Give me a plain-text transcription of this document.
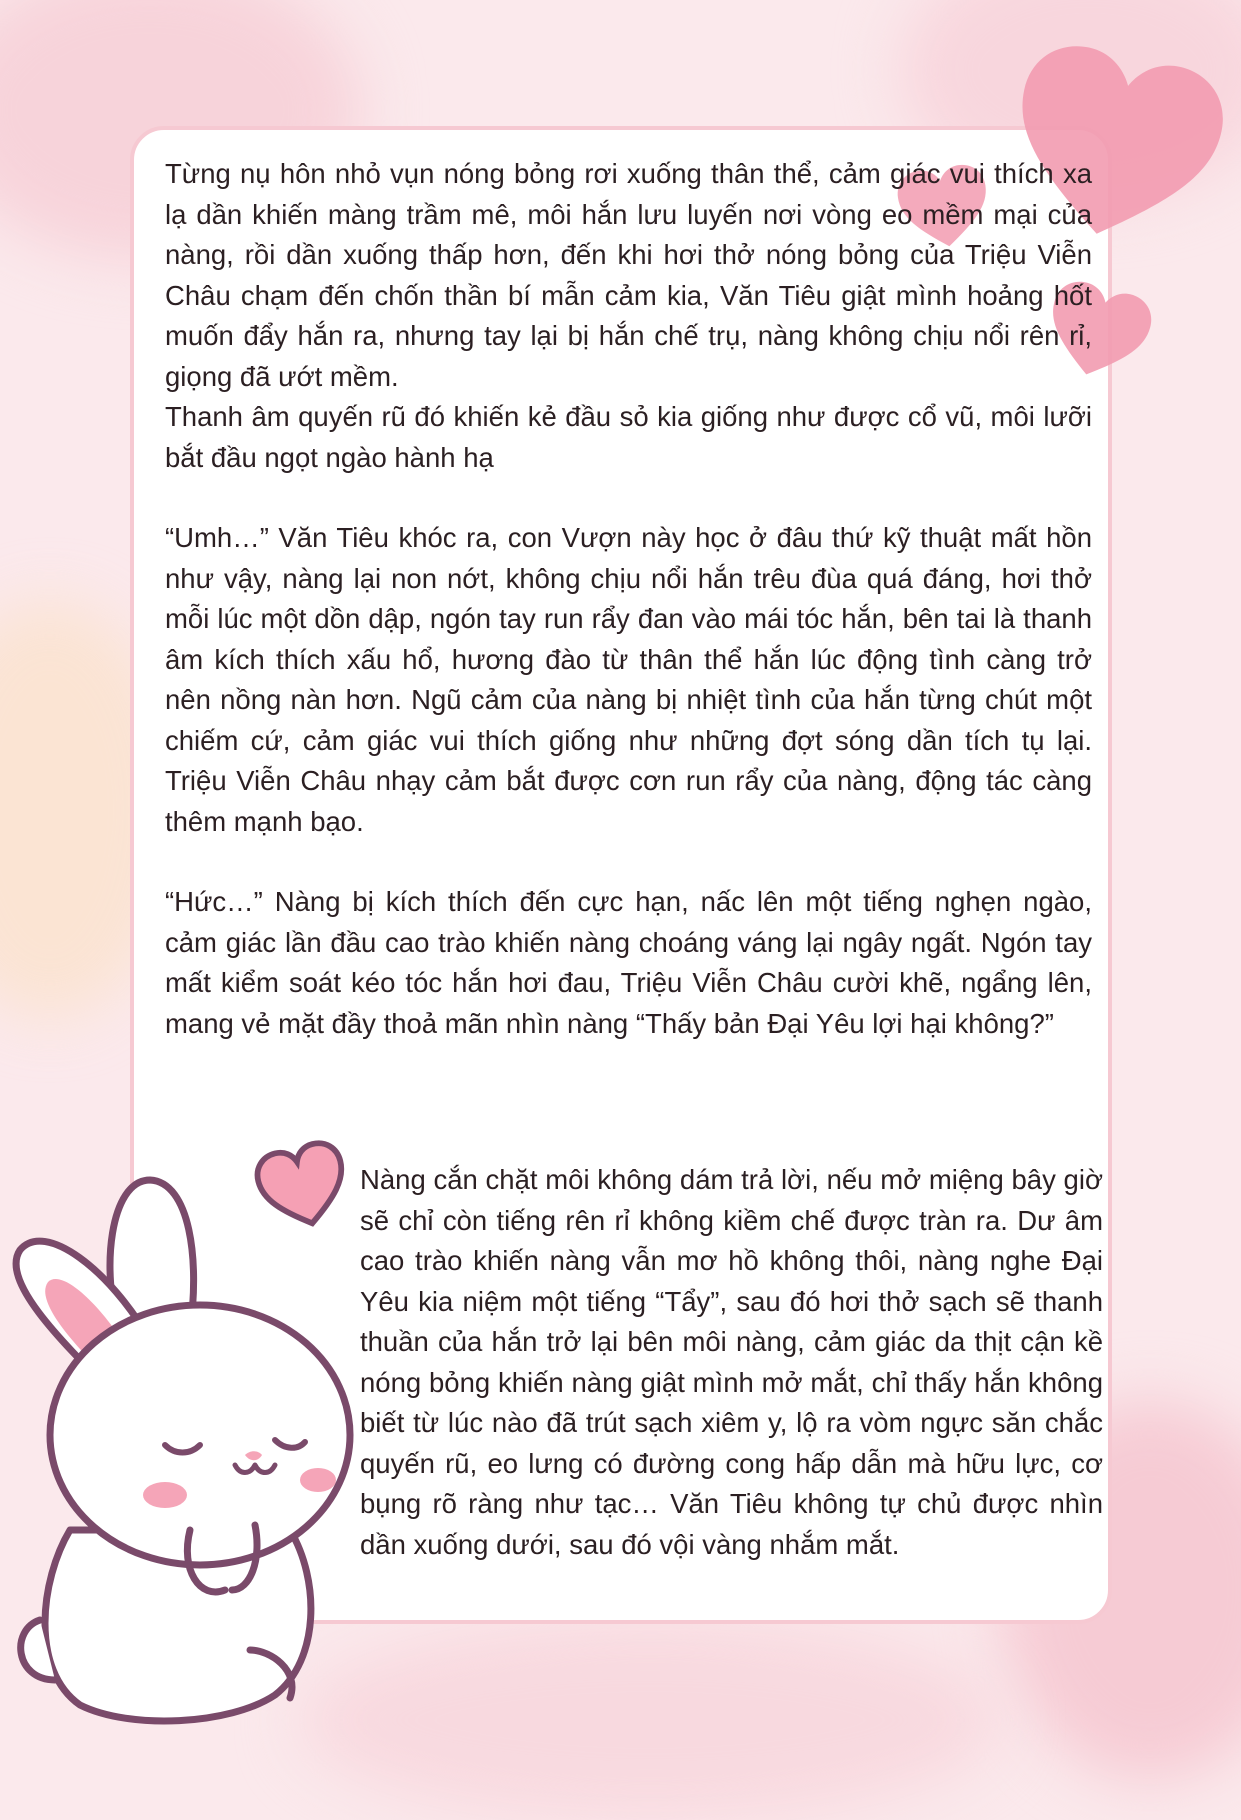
Từng nụ hôn nhỏ vụn nóng bỏng rơi xuống thân thể, cảm giác vui thích xa lạ dần khiến màng trầm mê, môi hắn lưu luyến nơi vòng eo mềm mại của nàng, rồi dần xuống thấp hơn, đến khi hơi thở nóng bỏng của Triệu Viễn Châu chạm đến chốn thần bí mẫn cảm kia, Văn Tiêu giật mình hoảng hốt muốn đẩy hắn ra, nhưng tay lại bị hắn chế trụ, nàng không chịu nổi rên rỉ, giọng đã ướt mềm.

Thanh âm quyến rũ đó khiến kẻ đầu sỏ kia giống như được cổ vũ, môi lưỡi bắt đầu ngọt ngào hành hạ

“Umh…” Văn Tiêu khóc ra, con Vượn này học ở đâu thứ kỹ thuật mất hồn như vậy, nàng lại non nớt, không chịu nổi hắn trêu đùa quá đáng, hơi thở mỗi lúc một dồn dập, ngón tay run rẩy đan vào mái tóc hắn, bên tai là thanh âm kích thích xấu hổ, hương đào từ thân thể hắn lúc động tình càng trở nên nồng nàn hơn. Ngũ cảm của nàng bị nhiệt tình của hắn từng chút một chiếm cứ, cảm giác vui thích giống như những đợt sóng dần tích tụ lại. Triệu Viễn Châu nhạy cảm bắt được cơn run rẩy của nàng, động tác càng thêm mạnh bạo.

“Hức…” Nàng bị kích thích đến cực hạn, nấc lên một tiếng nghẹn ngào, cảm giác lần đầu cao trào khiến nàng choáng váng lại ngây ngất. Ngón tay mất kiểm soát kéo tóc hắn hơi đau, Triệu Viễn Châu cười khẽ, ngẩng lên, mang vẻ mặt đầy thoả mãn nhìn nàng “Thấy bản Đại Yêu lợi hại không?”

Nàng cắn chặt môi không dám trả lời, nếu mở miệng bây giờ sẽ chỉ còn tiếng rên rỉ không kiềm chế được tràn ra. Dư âm cao trào khiến nàng vẫn mơ hồ không thôi, nàng nghe Đại Yêu kia niệm một tiếng “Tẩy”, sau đó hơi thở sạch sẽ thanh thuần của hắn trở lại bên môi nàng, cảm giác da thịt cận kề nóng bỏng khiến nàng giật mình mở mắt, chỉ thấy hắn không biết từ lúc nào đã trút sạch xiêm y, lộ ra vòm ngực săn chắc quyến rũ, eo lưng có đường cong hấp dẫn mà hữu lực, cơ bụng rõ ràng như tạc… Văn Tiêu không tự chủ được nhìn dần xuống dưới, sau đó vội vàng nhắm mắt.
